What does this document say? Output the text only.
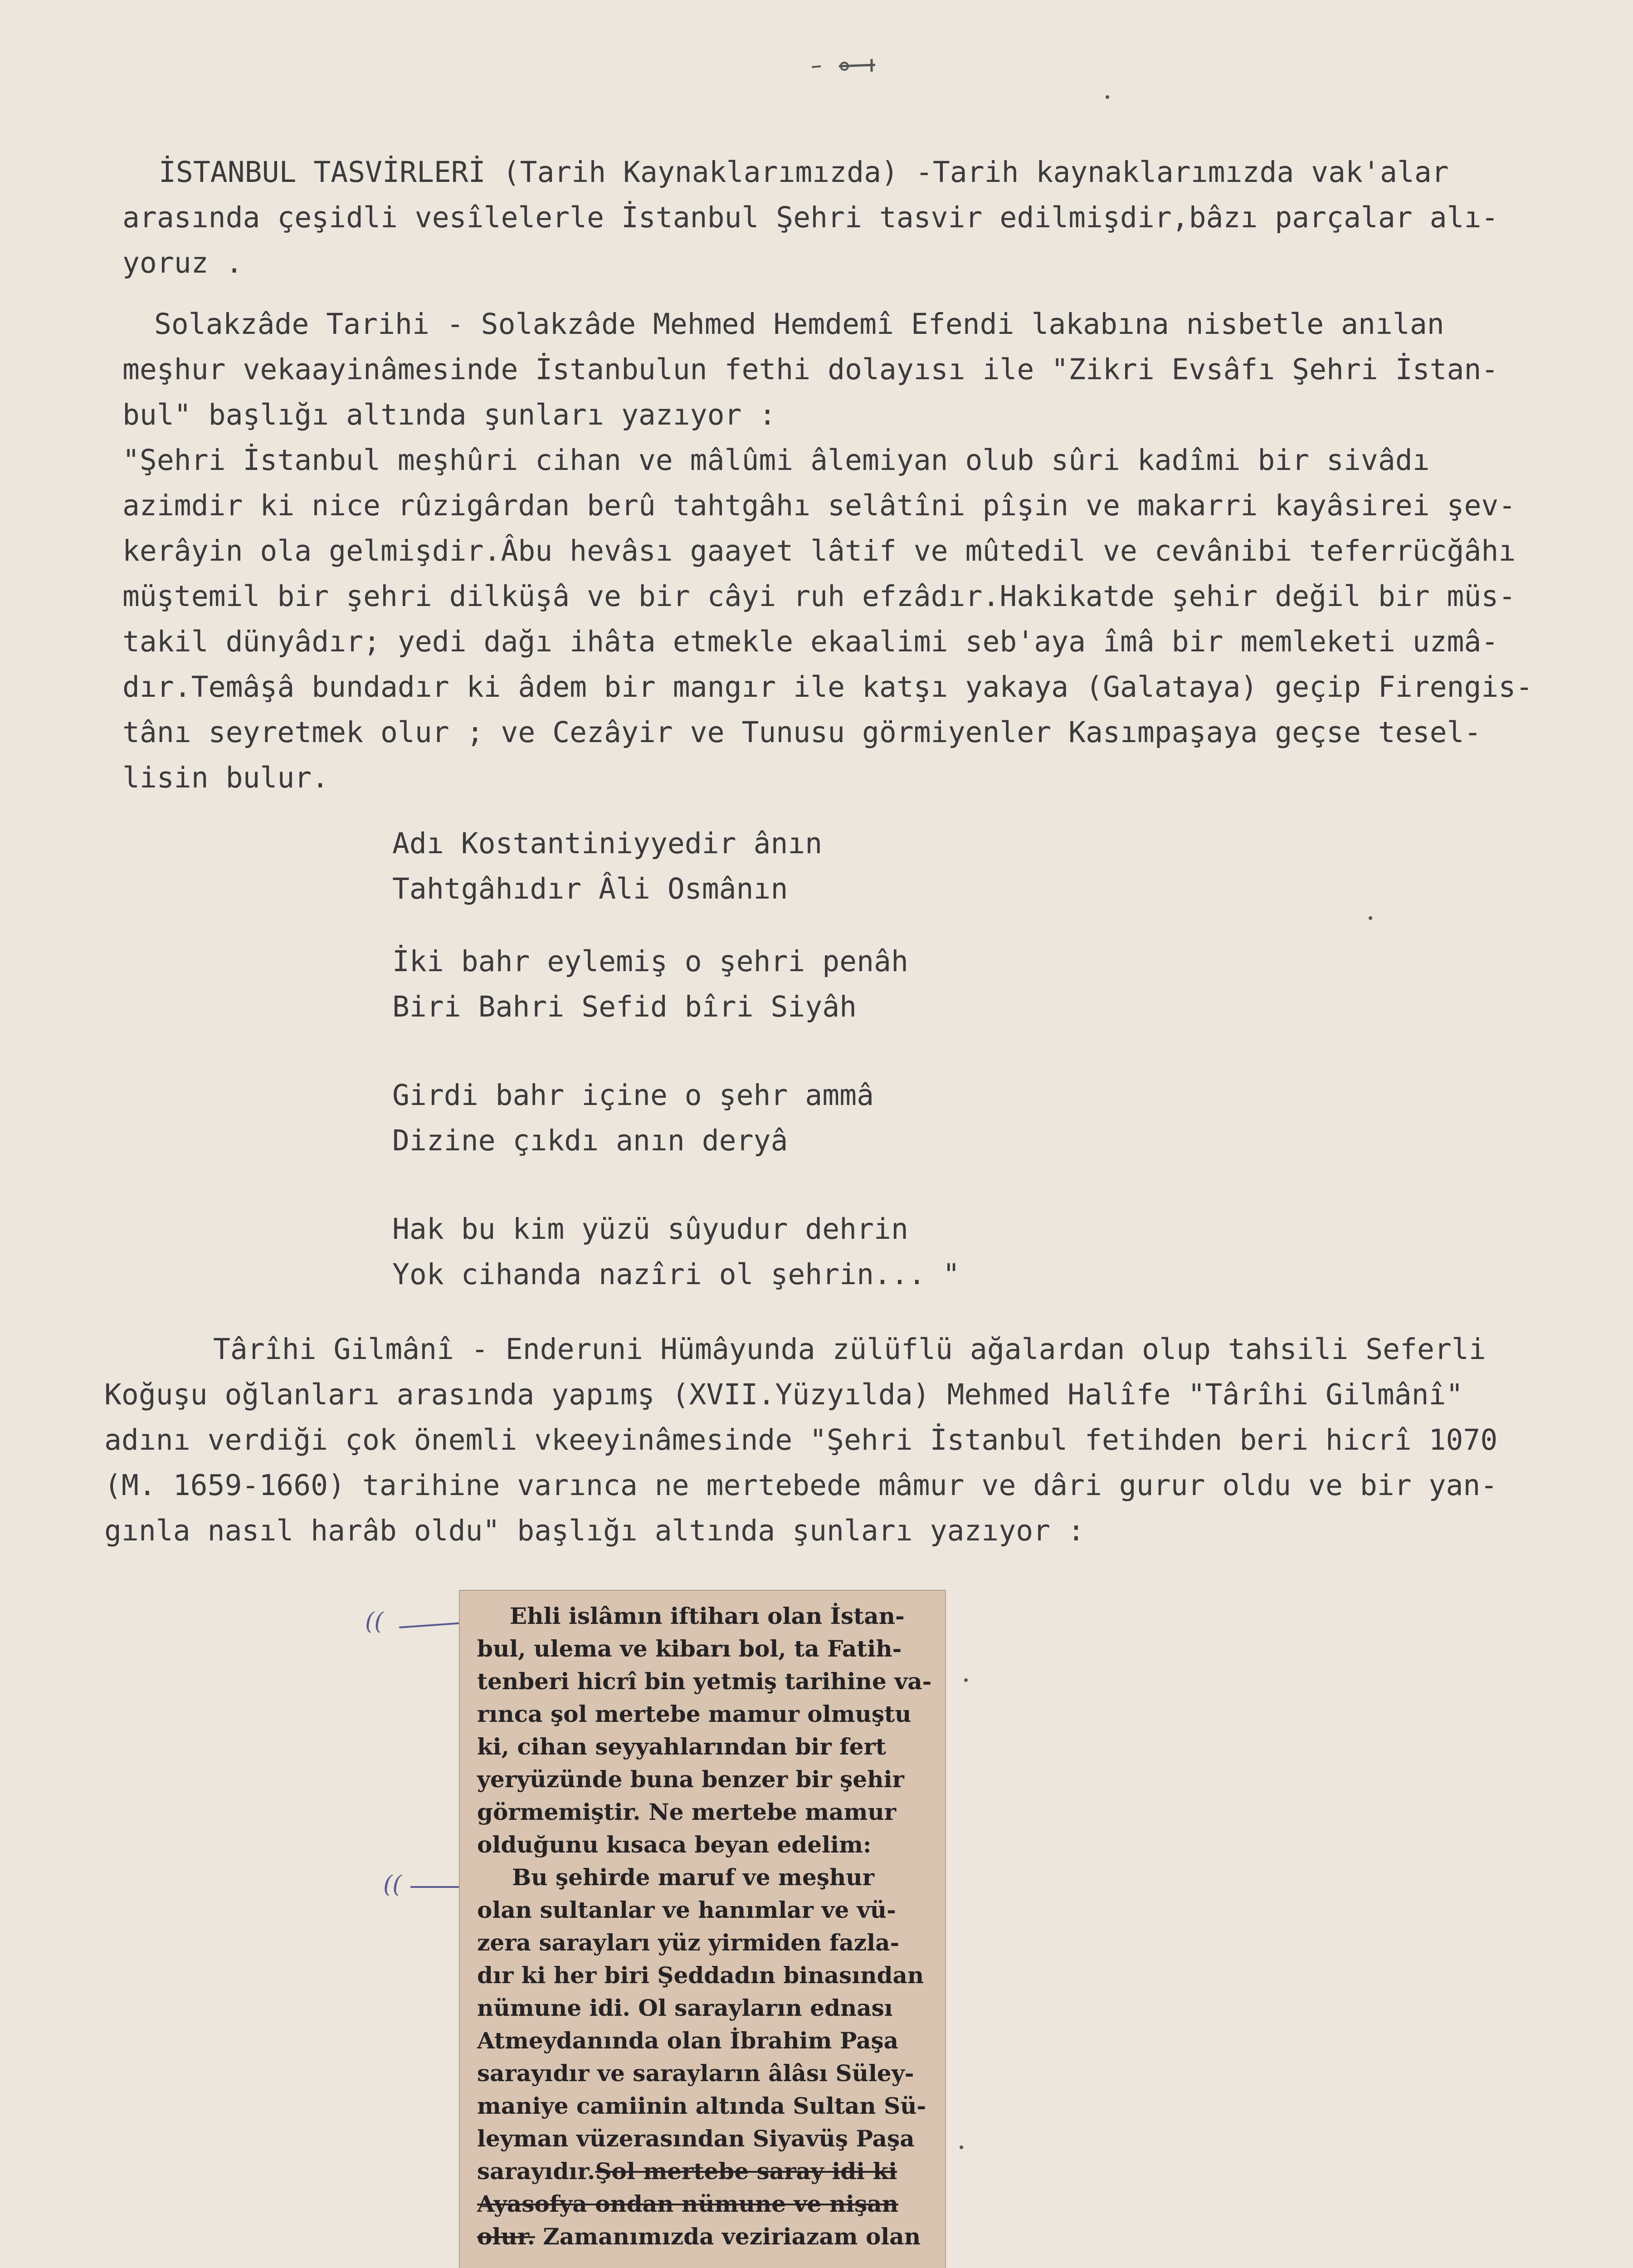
İSTANBUL TASVİRLERİ (Tarih Kaynaklarımızda) -Tarih kaynaklarımızda vak'alar
arasında çeşidli vesîlelerle İstanbul Şehri tasvir edilmişdir,bâzı parçalar alı-
yoruz .
Solakzâde Tarihi - Solakzâde Mehmed Hemdemî Efendi lakabına nisbetle anılan
meşhur vekaayinâmesinde İstanbulun fethi dolayısı ile "Zikri Evsâfı Şehri İstan-
bul" başlığı altında şunları yazıyor :
"Şehri İstanbul meşhûri cihan ve mâlûmi âlemiyan olub sûri kadîmi bir sivâdı
azimdir ki nice rûzigârdan berû tahtgâhı selâtîni pîşin ve makarri kayâsirei şev-
kerâyin ola gelmişdir.Âbu hevâsı gaayet lâtif ve mûtedil ve cevânibi teferrücğâhı
müştemil bir şehri dilküşâ ve bir câyi ruh efzâdır.Hakikatde şehir değil bir müs-
takil dünyâdır; yedi dağı ihâta etmekle ekaalimi seb'aya îmâ bir memleketi uzmâ-
dır.Temâşâ bundadır ki âdem bir mangır ile katşı yakaya (Galataya) geçip Firengis-
tânı seyretmek olur ; ve Cezâyir ve Tunusu görmiyenler Kasımpaşaya geçse tesel-
lisin bulur.
Adı Kostantiniyyedir ânın
Tahtgâhıdır Âli Osmânın
İki bahr eylemiş o şehri penâh
Biri Bahri Sefid bîri Siyâh
Girdi bahr içine o şehr ammâ
Dizine çıkdı anın deryâ
Hak bu kim yüzü sûyudur dehrin
Yok cihanda nazîri ol şehrin... "
Târîhi Gilmânî - Enderuni Hümâyunda zülüflü ağalardan olup tahsili Seferli
Koğuşu oğlanları arasında yapımş (XVII.Yüzyılda) Mehmed Halîfe "Târîhi Gilmânî"
adını verdiği çok önemli vkeeyinâmesinde "Şehri İstanbul fetihden beri hicrî 1070
(M. 1659-1660) tarihine varınca ne mertebede mâmur ve dâri gurur oldu ve bir yan-
gınla nasıl harâb oldu" başlığı altında şunları yazıyor :
((
((
Ehli islâmın iftiharı olan İstan-
bul, ulema ve kibarı bol, ta Fatih-
tenberi hicrî bin yetmiş tarihine va-
rınca şol mertebe mamur olmuştu
ki, cihan seyyahlarından bir fert
yeryüzünde buna benzer bir şehir
görmemiştir. Ne mertebe mamur
olduğunu kısaca beyan edelim:
Bu şehirde maruf ve meşhur
olan sultanlar ve hanımlar ve vü-
zera sarayları yüz yirmiden fazla-
dır ki her biri Şeddadın binasından
nümune idi. Ol sarayların ednası
Atmeydanında olan İbrahim Paşa
sarayıdır ve sarayların âlâsı Süley-
maniye camiinin altında Sultan Sü-
leyman vüzerasından Siyavüş Paşa
sarayıdır.Şol mertebe saray idi ki
Ayasofya ondan nümune ve nişan
olur. Zamanımızda veziriazam olan
